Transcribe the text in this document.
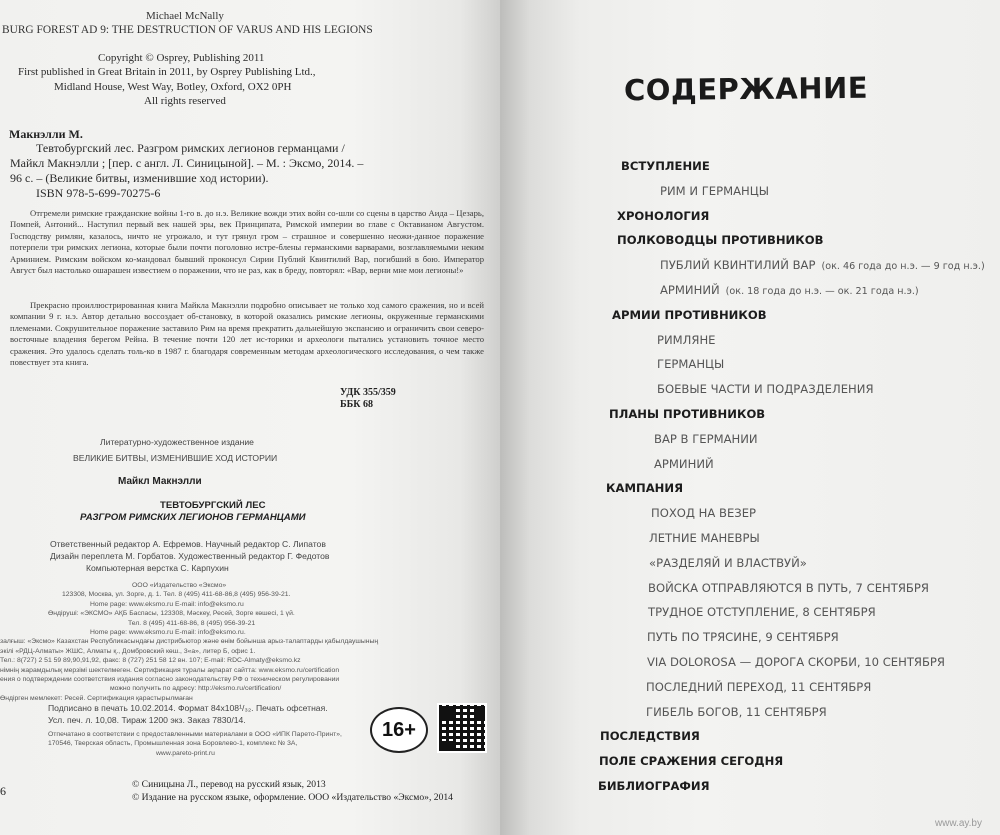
Michael McNally
BURG FOREST AD 9: THE DESTRUCTION OF VARUS AND HIS LEGIONS
Copyright © Osprey, Publishing 2011
First published in Great Britain in 2011, by Osprey Publishing Ltd.,
Midland House, West Way, Botley, Oxford, OX2 0PH
All rights reserved
Макнэлли М.
Тевтобургский лес. Разгром римских легионов германцами /
Майкл Макнэлли ; [пер. с англ. Л. Синицыной]. – М. : Эксмо, 2014. –
96 с. – (Великие битвы, изменившие ход истории).
ISBN 978-5-699-70275-6
Отгремели римские гражданские войны 1-го в. до н.э. Великие вожди этих войн со-шли со сцены в царство Аида – Цезарь, Помпей, Антоний... Наступил первый век нашей эры, век Принципата, Римской империи во главе с Октавианом Августом. Господству римлян, казалось, ничто не угрожало, и тут грянул гром – страшное и совершенно неожи-данное поражение потерпели три римских легиона, которые были почти поголовно истре-блены германскими варварами, возглавляемыми неким Арминием. Римским войском ко-мандовал бывший проконсул Сирии Публий Квинтилий Вар, погибший в бою. Император Август был настолько ошарашен известием о поражении, что не раз, как в бреду, повторял: «Вар, верни мне мои легионы!»
Прекрасно проиллюстрированная книга Майкла Макнэлли подробно описывает не только ход самого сражения, но и всей компании 9 г. н.э. Автор детально воссоздает об-становку, в которой оказались римские легионы, окруженные германскими племенами. Сокрушительное поражение заставило Рим на время прекратить дальнейшую экспансию и ограничить свои северо-восточные владения берегом Рейна. В течение почти 120 лет ис-торики и археологи пытались установить точное место сражения. Это удалось сделать толь-ко в 1987 г. благодаря современным методам археологического исследования, о чем также повествует эта книга.
УДК 355/359
ББК 68
Литературно-художественное издание
ВЕЛИКИЕ БИТВЫ, ИЗМЕНИВШИЕ ХОД ИСТОРИИ
Майкл Макнэлли
ТЕВТОБУРГСКИЙ ЛЕС
РАЗГРОМ РИМСКИХ ЛЕГИОНОВ ГЕРМАНЦАМИ
Ответственный редактор А. Ефремов. Научный редактор С. Липатов
Дизайн переплета М. Горбатов. Художественный редактор Г. Федотов
Компьютерная верстка С. Карпухин
ООО «Издательство «Эксмо»
123308, Москва, ул. Зорге, д. 1. Тел. 8 (495) 411-68-86,8 (495) 956-39-21.
Home page: www.eksmo.ru E-mail: info@eksmo.ru
Өндіруші: «ЭКСМО» АҚБ Баспасы, 123308, Мәскеу, Ресей, Зорге көшесі, 1 үй.
Тел. 8 (495) 411-68-86, 8 (495) 956-39-21
Home page: www.eksmo.ru E-mail: info@eksmo.ru.
залғыш: «Эксмо» Казахстан Республикасындағы дистрибьютор және өнім бойынша арыз-талаптарды қабылдаушының
экілі «РДЦ-Алматы» ЖШС, Алматы қ., Домбровский көш., 3«а», литер Б, офис 1.
Тел.: 8(727) 2 51 59 89,90,91,92, факс: 8 (727) 251 58 12 вн. 107; E-mail: RDC-Almaty@eksmo.kz
німнің жарамдылық мерзімі шектелмеген. Сертификация туралы ақпарат сайтта: www.eksmo.ru/certification
ения о подтверждении соответствия издания согласно законодательству РФ о техническом регулировании
можно получить по адресу: http://eksmo.ru/certification/
Өндірген мемлекет: Ресей. Сертификация қарастырылмаған
Подписано в печать 10.02.2014. Формат 84x108¹/₃₂. Печать офсетная.
Усл. печ. л. 10,08. Тираж 1200 экз. Заказ 7830/14.
Отпечатано в соответствии с предоставленными материалами в ООО «ИПК Парето-Принт»,
170546, Тверская область, Промышленная зона Боровлево-1, комплекс № 3А,
www.pareto-print.ru
16+
6	© Синицына Л., перевод на русский язык, 2013
© Издание на русском языке, оформление. ООО «Издательство «Эксмо», 2014
СОДЕРЖАНИЕ
ВСТУПЛЕНИЕ
РИМ И ГЕРМАНЦЫ
ХРОНОЛОГИЯ
ПОЛКОВОДЦЫ ПРОТИВНИКОВ
ПУБЛИЙ КВИНТИЛИЙ ВАР (ок. 46 года до н.э. — 9 год н.э.)
АРМИНИЙ (ок. 18 года до н.э. — ок. 21 года н.э.)
АРМИИ ПРОТИВНИКОВ
РИМЛЯНЕ
ГЕРМАНЦЫ
БОЕВЫЕ ЧАСТИ И ПОДРАЗДЕЛЕНИЯ
ПЛАНЫ ПРОТИВНИКОВ
ВАР В ГЕРМАНИИ
АРМИНИЙ
КАМПАНИЯ
ПОХОД НА ВЕЗЕР
ЛЕТНИЕ МАНЕВРЫ
«РАЗДЕЛЯЙ И ВЛАСТВУЙ»
ВОЙСКА ОТПРАВЛЯЮТСЯ В ПУТЬ, 7 СЕНТЯБРЯ
ТРУДНОЕ ОТСТУПЛЕНИЕ, 8 СЕНТЯБРЯ
ПУТЬ ПО ТРЯСИНЕ, 9 СЕНТЯБРЯ
VIA DOLOROSA — ДОРОГА СКОРБИ, 10 СЕНТЯБРЯ
ПОСЛЕДНИЙ ПЕРЕХОД, 11 СЕНТЯБРЯ
ГИБЕЛЬ БОГОВ, 11 СЕНТЯБРЯ
ПОСЛЕДСТВИЯ
ПОЛЕ СРАЖЕНИЯ СЕГОДНЯ
БИБЛИОГРАФИЯ
www.ay.by
